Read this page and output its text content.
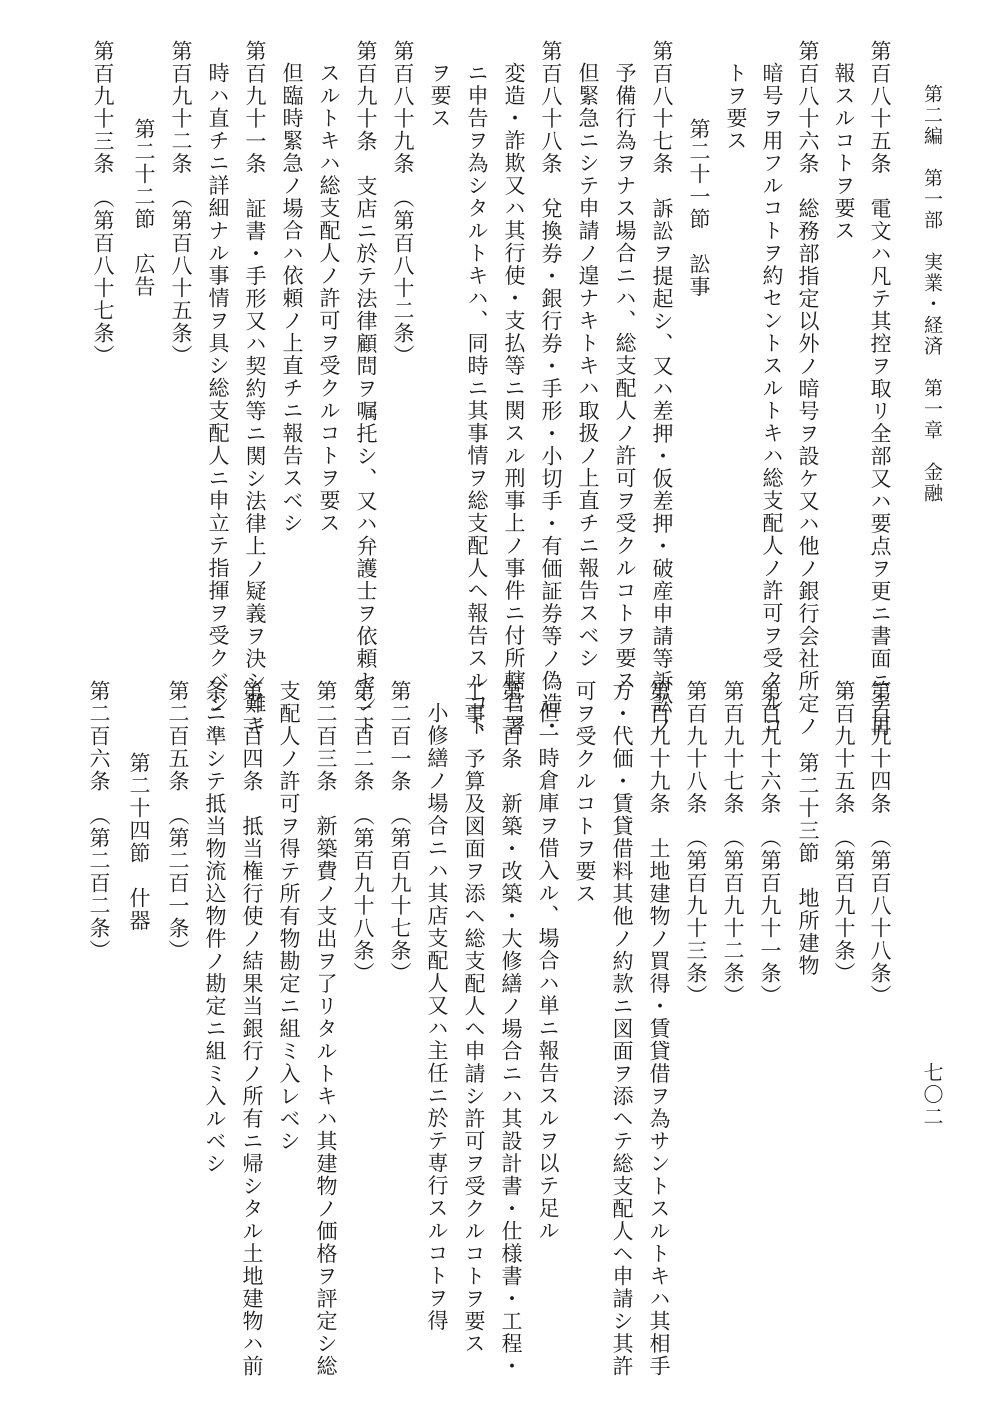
第二編　第一部　実業・経済　第一章　金融
七〇二
第百八十五条　電文ハ凡テ其控ヲ取リ全部又ハ要点ヲ更ニ書面ニテ再
報スルコトヲ要ス
第百八十六条　総務部指定以外ノ暗号ヲ設ケ又ハ他ノ銀行会社所定ノ
暗号ヲ用フルコトヲ約セントスルトキハ総支配人ノ許可ヲ受クルコ
トヲ要ス
第二十一節　訟事
第百八十七条　訴訟ヲ提起シ、又ハ差押・仮差押・破産申請等訴訟ノ
予備行為ヲナス場合ニハ、総支配人ノ許可ヲ受クルコトヲ要ス
但緊急ニシテ申請ノ遑ナキトキハ取扱ノ上直チニ報告スベシ
第百八十八条　兌換券・銀行券・手形・小切手・有価証券等ノ偽造・
変造・詐欺又ハ其行使・支払等ニ関スル刑事上ノ事件ニ付所轄官署
ニ申告ヲ為シタルトキハ、同時ニ其事情ヲ総支配人ヘ報告スルコト
ヲ要ス
第百八十九条　（第百八十二条）
第百九十条　支店ニ於テ法律顧問ヲ嘱托シ、又ハ弁護士ヲ依頼セント
スルトキハ総支配人ノ許可ヲ受クルコトヲ要ス
但臨時緊急ノ場合ハ依頼ノ上直チニ報告スベシ
第百九十一条　証書・手形又ハ契約等ニ関シ法律上ノ疑義ヲ決シ難キ
時ハ直チニ詳細ナル事情ヲ具シ総支配人ニ申立テ指揮ヲ受クベシ
第百九十二条　（第百八十五条）
第二十二節　広告
第百九十三条　（第百八十七条）
第百九十四条　（第百八十八条）
第百九十五条　（第百九十条）
第二十三節　地所建物
第百九十六条　（第百九十一条）
第百九十七条　（第百九十二条）
第百九十八条　（第百九十三条）
第百九十九条　土地建物ノ買得・賃貸借ヲ為サントスルトキハ其相手
方・代価・賃貸借料其他ノ約款ニ図面ヲ添ヘテ総支配人ヘ申請シ其許
可ヲ受クルコトヲ要ス
但一時倉庫ヲ借入ル、場合ハ単ニ報告スルヲ以テ足ル
第二百条　新築・改築・大修繕ノ場合ニハ其設計書・仕様書・工程・
工事、予算及図面ヲ添ヘ総支配人ヘ申請シ許可ヲ受クルコトヲ要ス
小修繕ノ場合ニハ其店支配人又ハ主任ニ於テ専行スルコトヲ得
第二百一条　（第百九十七条）
第二百二条　（第百九十八条）
第二百三条　新築費ノ支出ヲ了リタルトキハ其建物ノ価格ヲ評定シ総
支配人ノ許可ヲ得テ所有物勘定ニ組ミ入レベシ
第二百四条　抵当権行使ノ結果当銀行ノ所有ニ帰シタル土地建物ハ前
条ニ準シテ抵当物流込物件ノ勘定ニ組ミ入ルベシ
第二百五条　（第二百一条）
第二十四節　什器
第二百六条　（第二百二条）
